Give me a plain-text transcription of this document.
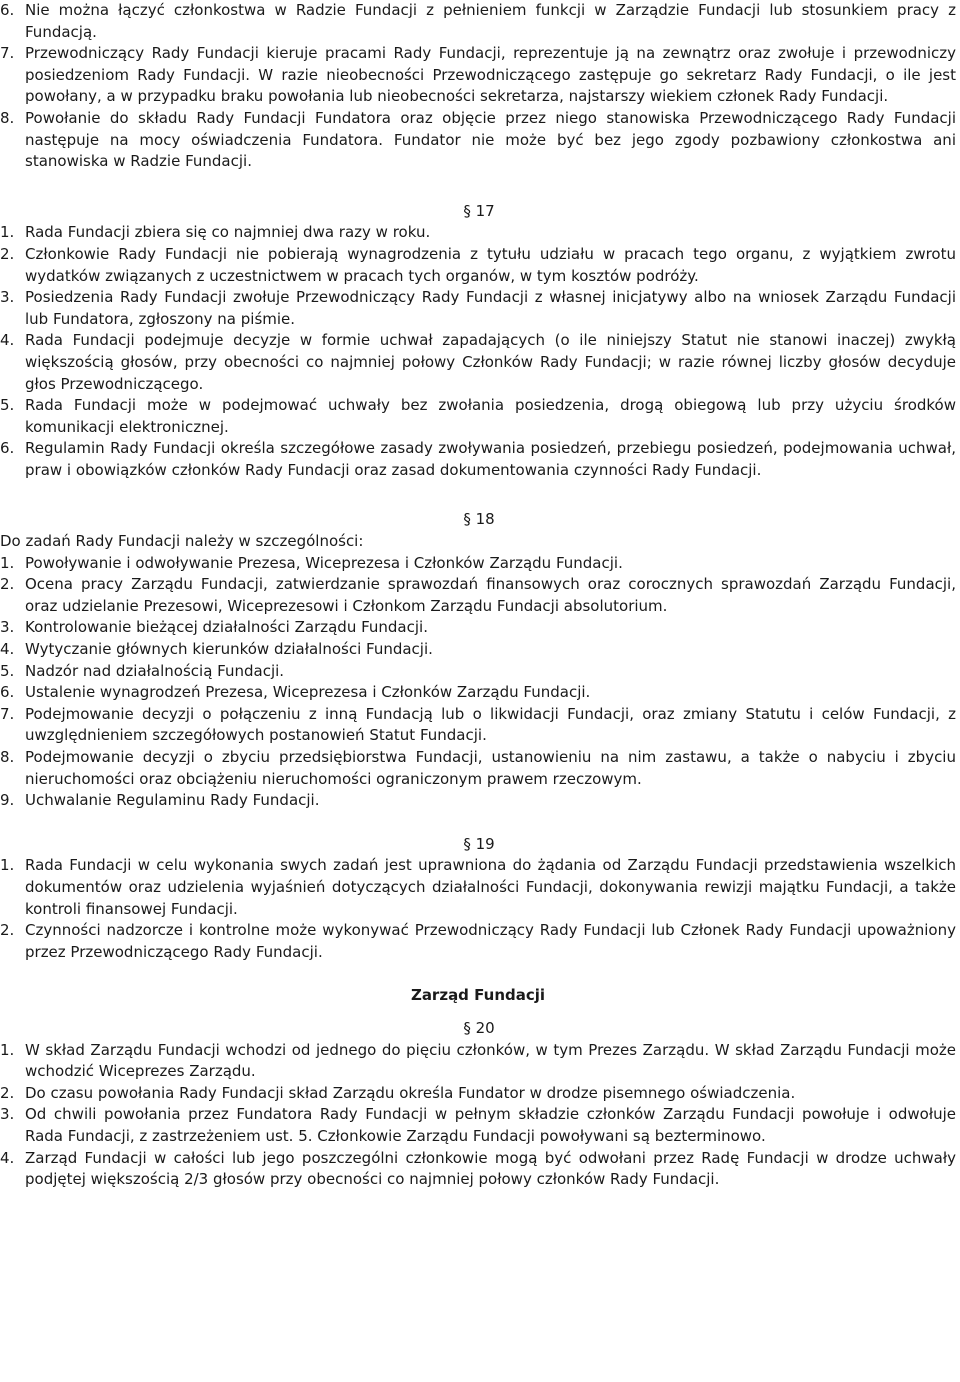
6. Nie można łączyć członkostwa w Radzie Fundacji z pełnieniem funkcji w Zarządzie Fundacji lub stosunkiem pracy z Fundacją.
7. Przewodniczący Rady Fundacji kieruje pracami Rady Fundacji, reprezentuje ją na zewnątrz oraz zwołuje i przewodniczy posiedzeniom Rady Fundacji. W razie nieobecności Przewodniczącego zastępuje go sekretarz Rady Fundacji, o ile jest powołany, a w przypadku braku powołania lub nieobecności sekretarza, najstarszy wiekiem członek Rady Fundacji.
8. Powołanie do składu Rady Fundacji Fundatora oraz objęcie przez niego stanowiska Przewodniczącego Rady Fundacji następuje na mocy oświadczenia Fundatora. Fundator nie może być bez jego zgody pozbawiony członkostwa ani stanowiska w Radzie Fundacji.
§ 17
1. Rada Fundacji zbiera się co najmniej dwa razy w roku.
2. Członkowie Rady Fundacji nie pobierają wynagrodzenia z tytułu udziału w pracach tego organu, z wyjątkiem zwrotu wydatków związanych z uczestnictwem w pracach tych organów, w tym kosztów podróży.
3. Posiedzenia Rady Fundacji zwołuje Przewodniczący Rady Fundacji z własnej inicjatywy albo na wniosek Zarządu Fundacji lub Fundatora, zgłoszony na piśmie.
4. Rada Fundacji podejmuje decyzje w formie uchwał zapadających (o ile niniejszy Statut nie stanowi inaczej) zwykłą większością głosów, przy obecności co najmniej połowy Członków Rady Fundacji; w razie równej liczby głosów decyduje głos Przewodniczącego.
5. Rada Fundacji może w podejmować uchwały bez zwołania posiedzenia, drogą obiegową lub przy użyciu środków komunikacji elektronicznej.
6. Regulamin Rady Fundacji określa szczegółowe zasady zwoływania posiedzeń, przebiegu posiedzeń, podejmowania uchwał, praw i obowiązków członków Rady Fundacji oraz zasad dokumentowania czynności Rady Fundacji.
§ 18
Do zadań Rady Fundacji należy w szczególności:
1. Powoływanie i odwoływanie Prezesa, Wiceprezesa i Członków Zarządu Fundacji.
2. Ocena pracy Zarządu Fundacji, zatwierdzanie sprawozdań finansowych oraz corocznych sprawozdań Zarządu Fundacji, oraz udzielanie Prezesowi, Wiceprezesowi i Członkom Zarządu Fundacji absolutorium.
3. Kontrolowanie bieżącej działalności Zarządu Fundacji.
4. Wytyczanie głównych kierunków działalności Fundacji.
5. Nadzór nad działalnością Fundacji.
6. Ustalenie wynagrodzeń Prezesa, Wiceprezesa i Członków Zarządu Fundacji.
7. Podejmowanie decyzji o połączeniu z inną Fundacją lub o likwidacji Fundacji, oraz zmiany Statutu i celów Fundacji, z uwzględnieniem szczegółowych postanowień Statut Fundacji.
8. Podejmowanie decyzji o zbyciu przedsiębiorstwa Fundacji, ustanowieniu na nim zastawu, a także o nabyciu i zbyciu nieruchomości oraz obciążeniu nieruchomości ograniczonym prawem rzeczowym.
9. Uchwalanie Regulaminu Rady Fundacji.
§ 19
1. Rada Fundacji w celu wykonania swych zadań jest uprawniona do żądania od Zarządu Fundacji przedstawienia wszelkich dokumentów oraz udzielenia wyjaśnień dotyczących działalności Fundacji, dokonywania rewizji majątku Fundacji, a także kontroli finansowej Fundacji.
2. Czynności nadzorcze i kontrolne może wykonywać Przewodniczący Rady Fundacji lub Członek Rady Fundacji upoważniony przez Przewodniczącego Rady Fundacji.
Zarząd Fundacji
§ 20
1. W skład Zarządu Fundacji wchodzi od jednego do pięciu członków, w tym Prezes Zarządu. W skład Zarządu Fundacji może wchodzić Wiceprezes Zarządu.
2. Do czasu powołania Rady Fundacji skład Zarządu określa Fundator w drodze pisemnego oświadczenia.
3. Od chwili powołania przez Fundatora Rady Fundacji w pełnym składzie członków Zarządu Fundacji powołuje i odwołuje Rada Fundacji, z zastrzeżeniem ust. 5. Członkowie Zarządu Fundacji powoływani są bezterminowo.
4. Zarząd Fundacji w całości lub jego poszczególni członkowie mogą być odwołani przez Radę Fundacji w drodze uchwały podjętej większością 2/3 głosów przy obecności co najmniej połowy członków Rady Fundacji.
